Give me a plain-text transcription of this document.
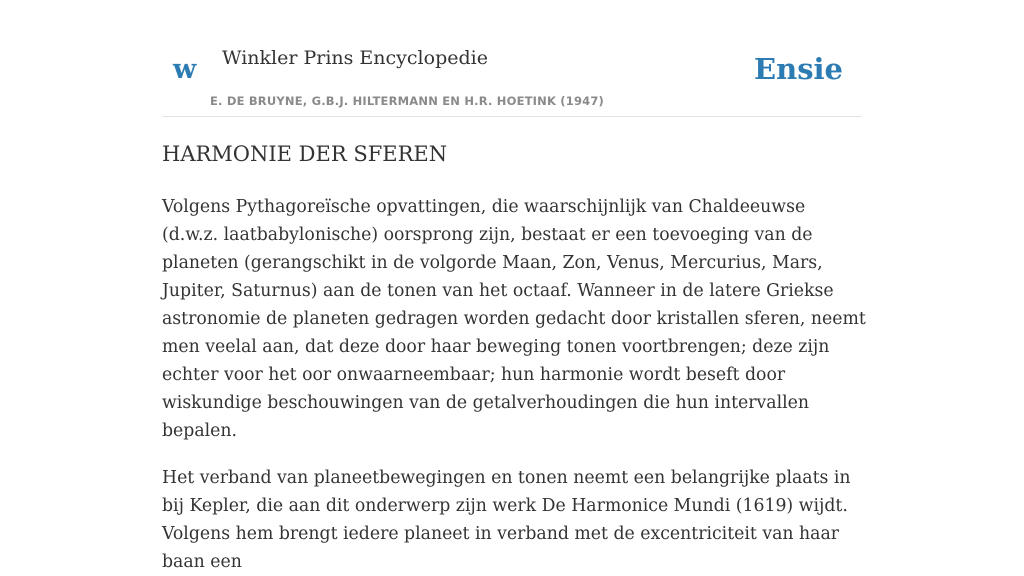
w Winkler Prins Encyclopedie
E. DE BRUYNE, G.B.J. HILTERMANN EN H.R. HOETINK (1947)
Ensie
HARMONIE DER SFEREN

Volgens Pythagoreïsche opvattingen, die waarschijnlijk van Chaldeeuwse (d.w.z. laatbabylonische) oorsprong zijn, bestaat er een toevoeging van de planeten (gerangschikt in de volgorde Maan, Zon, Venus, Mercurius, Mars, Jupiter, Saturnus) aan de tonen van het octaaf. Wanneer in de latere Griekse astronomie de planeten gedragen worden gedacht door kristallen sferen, neemt men veelal aan, dat deze door haar beweging tonen voortbrengen; deze zijn echter voor het oor onwaarneembaar; hun harmonie wordt beseft door wiskundige beschouwingen van de getalverhoudingen die hun intervallen bepalen.

Het verband van planeetbewegingen en tonen neemt een belangrijke plaats in bij Kepler, die aan dit onderwerp zijn werk De Harmonice Mundi (1619) wijdt. Volgens hem brengt iedere planeet in verband met de excentriciteit van haar baan een
